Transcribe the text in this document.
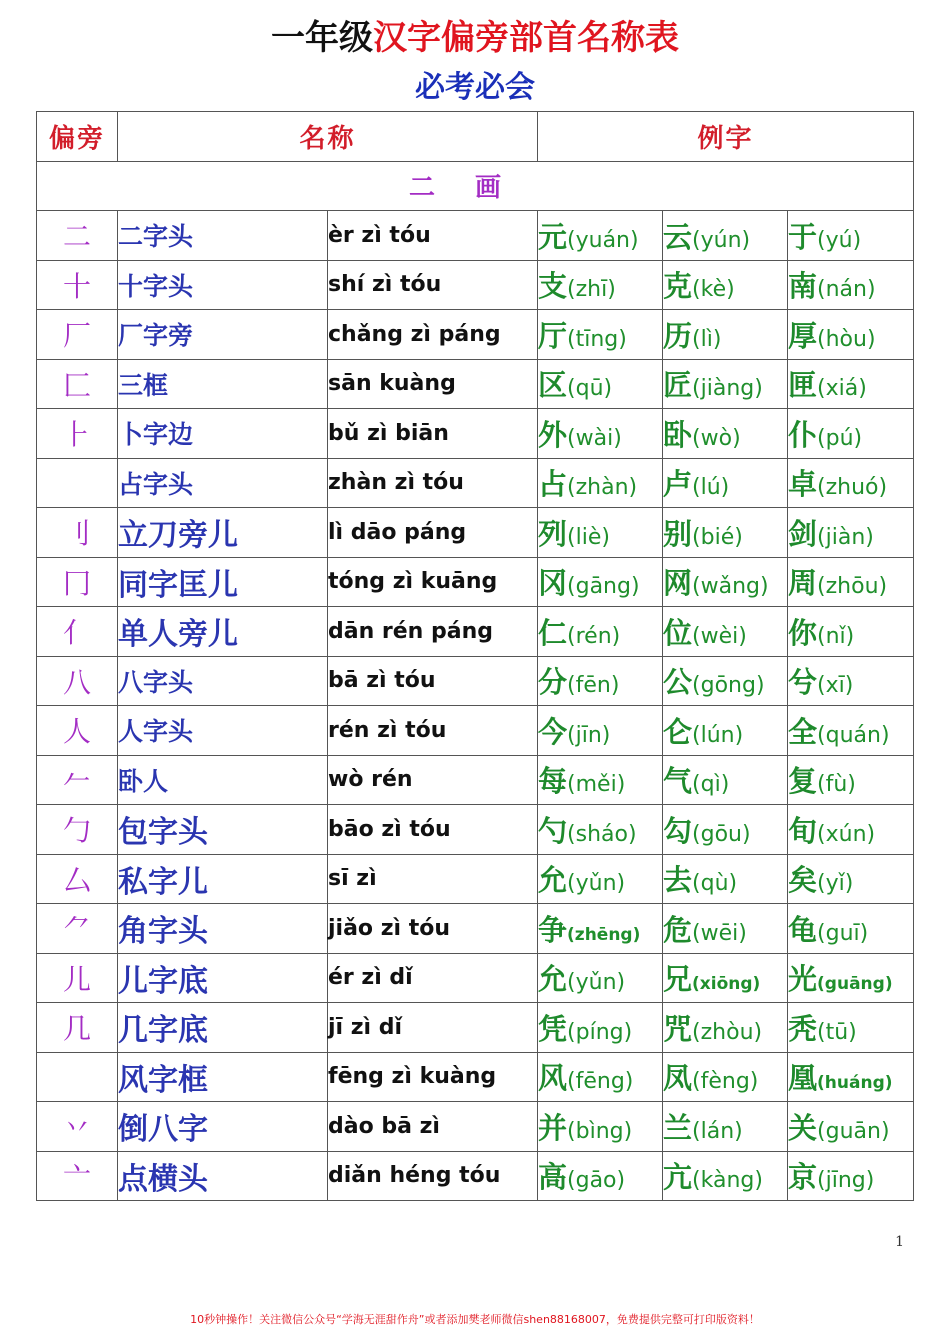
一年级汉字偏旁部首名称表
必考必会
偏旁	名称		例字		
二画					
二	二字头	èr zì tóu	元(yuán)	云(yún)	于(yú)
十	十字头	shí zì tóu	支(zhī)	克(kè)	南(nán)
厂	厂字旁	chǎng zì páng	厅(tīng)	历(lì)	厚(hòu)
匚	三框	sān kuàng	区(qū)	匠(jiàng)	匣(xiá)
⺊	卜字边	bǔ zì biān	外(wài)	卧(wò)	仆(pú)
	占字头	zhàn zì tóu	占(zhàn)	卢(lú)	卓(zhuó)
刂	立刀旁儿	lì dāo páng	列(liè)	别(bié)	剑(jiàn)
冂	同字匡儿	tóng zì kuāng	冈(gāng)	网(wǎng)	周(zhōu)
亻	单人旁儿	dān rén páng	仁(rén)	位(wèi)	你(nǐ)
八	八字头	bā zì tóu	分(fēn)	公(gōng)	兮(xī)
人	人字头	rén zì tóu	今(jīn)	仑(lún)	全(quán)
𠂉	卧人	wò rén	每(měi)	气(qì)	复(fù)
勹	包字头	bāo zì tóu	勺(sháo)	勾(gōu)	旬(xún)
厶	私字儿	sī zì	允(yǔn)	去(qù)	矣(yǐ)
⺈	角字头	jiǎo zì tóu	争(zhēng)	危(wēi)	龟(guī)
儿	儿字底	ér zì dǐ	允(yǔn)	兄(xiōng)	光(guāng)
几	几字底	jī zì dǐ	凭(píng)	咒(zhòu)	秃(tū)
	风字框	fēng zì kuàng	风(fēng)	凤(fèng)	凰(huáng)
丷	倒八字	dào bā zì	并(bìng)	兰(lán)	关(guān)
亠	点横头	diǎn héng tóu	高(gāo)	亢(kàng)	京(jīng)
1
10秒钟操作！关注微信公众号“学海无涯甜作舟”或者添加樊老师微信shen88168007，免费提供完整可打印版资料！
